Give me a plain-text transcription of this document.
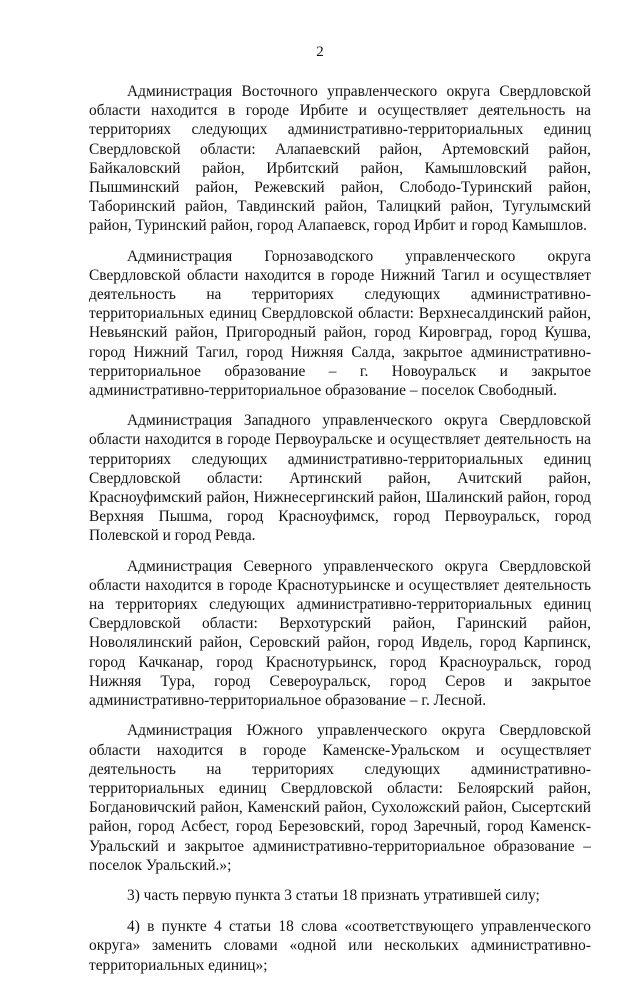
2

Администрация Восточного управленческого округа Свердловской области находится в городе Ирбите и осуществляет деятельность на территориях следующих административно-территориальных единиц Свердловской области: Алапаевский район, Артемовский район, Байкаловский район, Ирбитский район, Камышловский район, Пышминский район, Режевский район, Слободо-Туринский район, Таборинский район, Тавдинский район, Талицкий район, Тугулымский район, Туринский район, город Алапаевск, город Ирбит и город Камышлов.

Администрация Горнозаводского управленческого округа Свердловской области находится в городе Нижний Тагил и осуществляет деятельность на территориях следующих административно-территориальных единиц Свердловской области: Верхнесалдинский район, Невьянский район, Пригородный район, город Кировград, город Кушва, город Нижний Тагил, город Нижняя Салда, закрытое административно-территориальное образование – г. Новоуральск и закрытое административно-территориальное образование – поселок Свободный.

Администрация Западного управленческого округа Свердловской области находится в городе Первоуральске и осуществляет деятельность на территориях следующих административно-территориальных единиц Свердловской области: Артинский район, Ачитский район, Красноуфимский район, Нижнесергинский район, Шалинский район, город Верхняя Пышма, город Красноуфимск, город Первоуральск, город Полевской и город Ревда.

Администрация Северного управленческого округа Свердловской области находится в городе Краснотурьинске и осуществляет деятельность на территориях следующих административно-территориальных единиц Свердловской области: Верхотурский район, Гаринский район, Новолялинский район, Серовский район, город Ивдель, город Карпинск, город Качканар, город Краснотурьинск, город Красноуральск, город Нижняя Тура, город Североуральск, город Серов и закрытое административно-территориальное образование – г. Лесной.

Администрация Южного управленческого округа Свердловской области находится в городе Каменске-Уральском и осуществляет деятельность на территориях следующих административно-территориальных единиц Свердловской области: Белоярский район, Богдановичский район, Каменский район, Сухоложский район, Сысертский район, город Асбест, город Березовский, город Заречный, город Каменск-Уральский и закрытое административно-территориальное образование – поселок Уральский.»;

3) часть первую пункта 3 статьи 18 признать утратившей силу;

4) в пункте 4 статьи 18 слова «соответствующего управленческого округа» заменить словами «одной или нескольких административно-территориальных единиц»;
